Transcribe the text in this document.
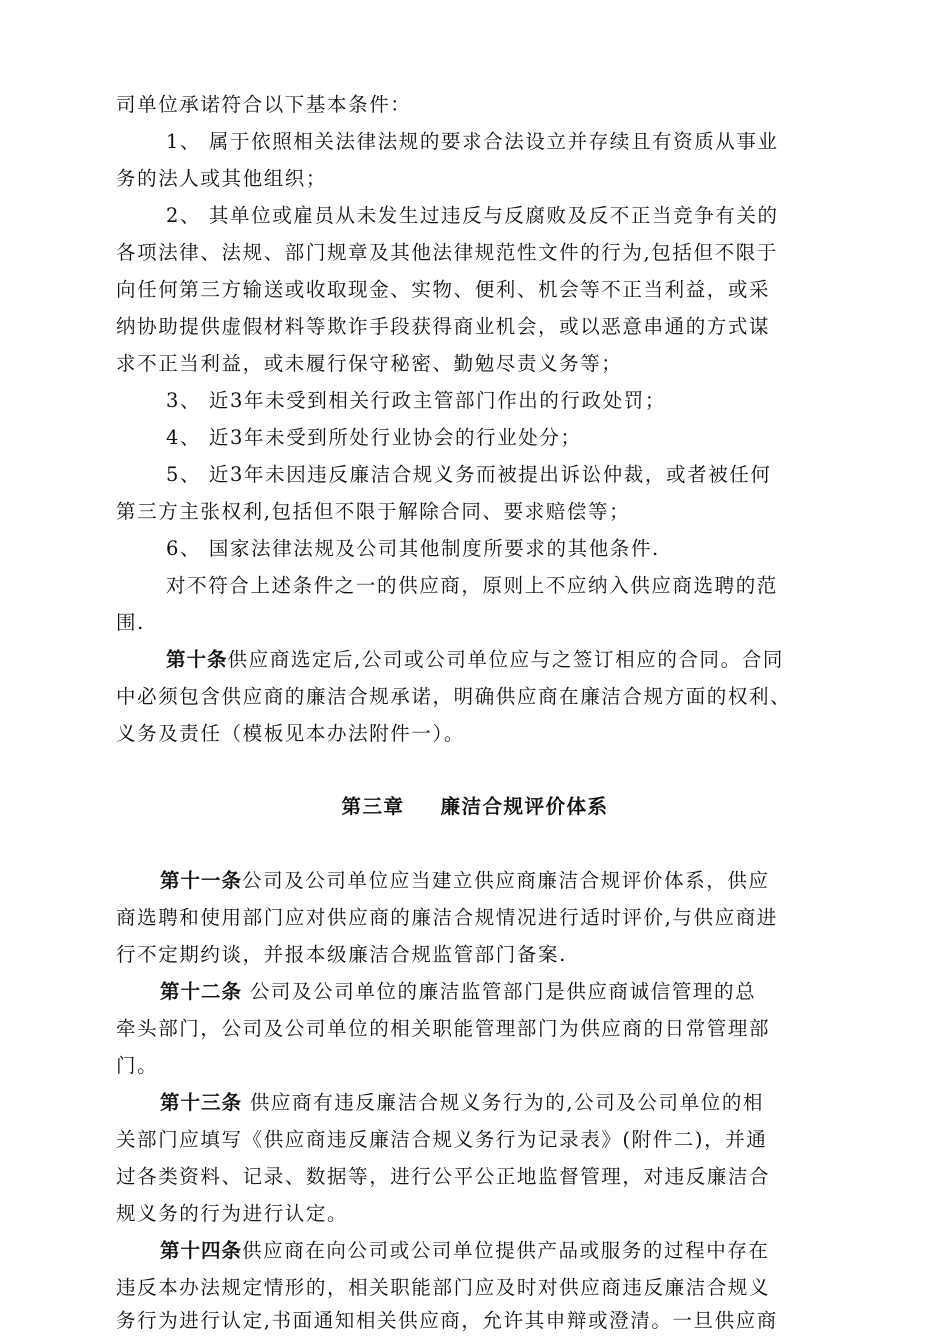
司单位承诺符合以下基本条件：
1、 属于依照相关法律法规的要求合法设立并存续且有资质从事业
务的法人或其他组织；
2、 其单位或雇员从未发生过违反与反腐败及反不正当竞争有关的
各项法律、法规、部门规章及其他法律规范性文件的行为,包括但不限于
向任何第三方输送或收取现金、实物、便利、机会等不正当利益，或采
纳协助提供虚假材料等欺诈手段获得商业机会，或以恶意串通的方式谋
求不正当利益，或未履行保守秘密、勤勉尽责义务等；
3、 近3年未受到相关行政主管部门作出的行政处罚；
4、 近3年未受到所处行业协会的行业处分；
5、 近3年未因违反廉洁合规义务而被提出诉讼仲裁，或者被任何
第三方主张权利,包括但不限于解除合同、要求赔偿等；
6、 国家法律法规及公司其他制度所要求的其他条件.
对不符合上述条件之一的供应商，原则上不应纳入供应商选聘的范
围.
第十条供应商选定后,公司或公司单位应与之签订相应的合同。合同
中必须包含供应商的廉洁合规承诺，明确供应商在廉洁合规方面的权利、
义务及责任（模板见本办法附件一）。
第三章 廉洁合规评价体系
第十一条公司及公司单位应当建立供应商廉洁合规评价体系，供应
商选聘和使用部门应对供应商的廉洁合规情况进行适时评价,与供应商进
行不定期约谈，并报本级廉洁合规监管部门备案.
第十二条 公司及公司单位的廉洁监管部门是供应商诚信管理的总
牵头部门，公司及公司单位的相关职能管理部门为供应商的日常管理部
门。
第十三条 供应商有违反廉洁合规义务行为的,公司及公司单位的相
关部门应填写《供应商违反廉洁合规义务行为记录表》(附件二)，并通
过各类资料、记录、数据等，进行公平公正地监督管理，对违反廉洁合
规义务的行为进行认定。
第十四条供应商在向公司或公司单位提供产品或服务的过程中存在
违反本办法规定情形的，相关职能部门应及时对供应商违反廉洁合规义
务行为进行认定,书面通知相关供应商，允许其申辩或澄清。一旦供应商
